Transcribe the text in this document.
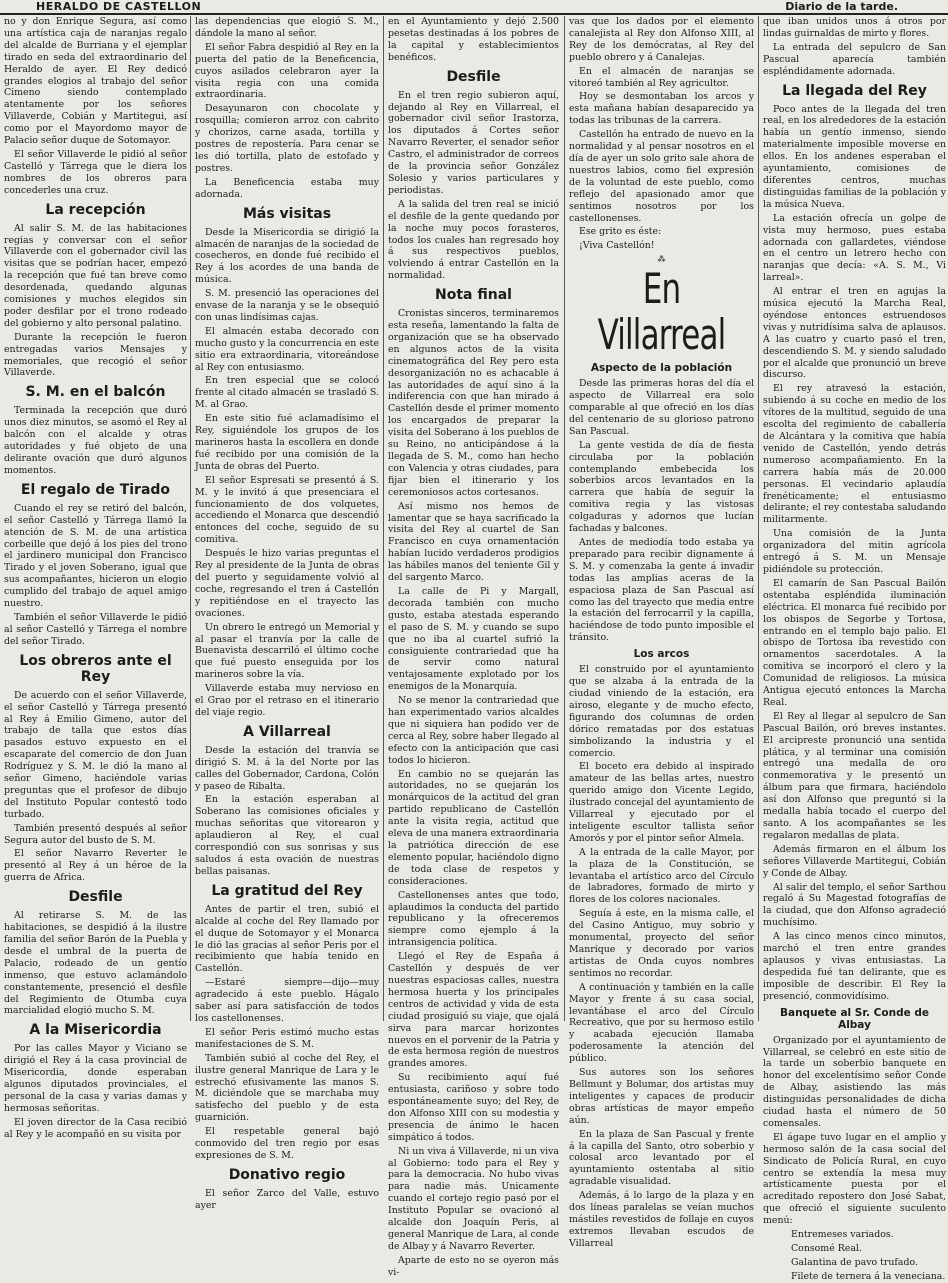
HERALDO DE CASTELLON	Diario de la tarde.

no y don Enrique Segura, así como una artística caja de naranjas regalo del alcalde de Burriana y el ejemplar tirado en seda del extraordinario del Heraldo de ayer. El Rey dedicó grandes elogios al trabajo del señor Cimeno siendo contemplado atentamente por los señores Villaverde, Cobián y Martitegui, así como por el Mayordomo mayor de Palacio señor duque de Sotomayor.

El señor Villaverde le pidió al señor Castelló y Tárrega que le diera los nombres de los obreros para concederles una cruz.

La recepción

Al salir S. M. de las habitaciones regias y conversar con el señor Villaverde con el gobernador civil las visitas que se podrían hacer, empezó la recepción que fué tan breve como desordenada, quedando algunas comisiones y muchos elegidos sin poder desfilar por el trono rodeado del gobierno y alto personal palatino.

Durante la recepción le fueron entregadas varios Mensajes y memoriales, que recogió el señor Villaverde.

S. M. en el balcón

Terminada la recepción que duró unos diez minutos, se asomó el Rey al balcón con el alcalde y otras autoridades y fué objeto de una delirante ovación que duró algunos momentos.

El regalo de Tirado

Cuando el rey se retiró del balcón, el señor Castelló y Tárrega llamó la atención de S. M. de una artística corbeille que dejó á los pies del trono el jardinero municipal don Francisco Tirado y el joven Soberano, igual que sus acompañantes, hicieron un elogio cumplido del trabajo de aquel amigo nuestro.

También el señor Villaverde le pidió al señor Castelló y Tárrega el nombre del señor Tirado.

Los obreros ante el Rey

De acuerdo con el señor Villaverde, el señor Castelló y Tárrega presentó al Rey á Emilio Gimeno, autor del trabajo de talla que estos días pasados estuvo expuesto en el escaparate del comercio de don Juan Rodríguez y S. M. le dió la mano al señor Gimeno, haciéndole varias preguntas que el profesor de dibujo del Instituto Popular contestó todo turbado.

También presentó después al señor Segura autor del busto de S. M.

El señor Navarro Reverter le presentó al Rey á un héroe de la guerra de Africa.

Desfile

Al retirarse S. M. de las habitaciones, se despidió á la ilustre familia del señor Barón de la Puebla y desde el umbral de la puerta de Palacio, rodeado de un gentío inmenso, que estuvo aclamándolo constantemente, presenció el desfile del Regimiento de Otumba cuya marcialidad elogió mucho S. M.

A la Misericordia

Por las calles Mayor y Viciano se dirigió el Rey á la casa provincial de Misericordia, donde esperaban algunos diputados provinciales, el personal de la casa y varias damas y hermosas señoritas.

El joven director de la Casa recibió al Rey y le acompañó en su visita por

las dependencias que elogió S. M., dándole la mano al señor.

El señor Fabra despidió al Rey en la puerta del patio de la Beneficencia, cuyos asilados celebraron ayer la visita regia con una comida extraordinaria.

Desayunaron con chocolate y rosquilla; comieron arroz con cabrito y chorizos, carne asada, tortilla y postres de repostería. Para cenar se les dió tortilla, plato de estofado y postres.

La Beneficencia estaba muy adornada.

Más visitas

Desde la Misericordia se dirigió la almacén de naranjas de la sociedad de cosecheros, en donde fué recibido el Rey á los acordes de una banda de música.

S. M. presenció las operaciones del envase de la naranja y se le obsequió con unas lindísimas cajas.

El almacén estaba decorado con mucho gusto y la concurrencia en este sitio era extraordinaria, vitoreándose al Rey con entusiasmo.

En tren especial que se colocó frente al citado almacén se trasladó S. M. al Grao.

En este sitio fué aclamadísimo el Rey, siguiéndole los grupos de los marineros hasta la escollera en donde fué recibido por una comisión de la Junta de obras del Puerto.

El señor Espresati se presentó á S. M. y le invitó á que presenciara el funcionamiento de dos volquetes, accediendo el Monarca que descendió entonces del coche, seguido de su comitiva.

Después le hizo varias preguntas el Rey al presidente de la Junta de obras del puerto y seguidamente volvió al coche, regresando el tren á Castellón y repitiéndose en el trayecto las ovaciones.

Un obrero le entregó un Memorial y al pasar el tranvía por la calle de Buenavista descarriló el último coche que fué puesto enseguida por los marineros sobre la vía.

Villaverde estaba muy nervioso en el Grao por el retraso en el itinerario del viaje regio.

A Villarreal

Desde la estación del tranvía se dirigió S. M. á la del Norte por las calles del Gobernador, Cardona, Colón y paseo de Ribalta.

En la estación esperaban al Soberano las comisiones oficiales y muchas señoritas que vitorearon y aplaudieron al Rey, el cual correspondió con sus sonrisas y sus saludos á esta ovación de nuestras bellas paisanas.

La gratitud del Rey

Antes de partir el tren, subió el alcalde al coche del Rey llamado por el duque de Sotomayor y el Monarca le dió las gracias al señor Peris por el recibimiento que había tenido en Castellón.

—Estaré siempre—dijo—muy agradecido á este pueblo. Hágalo saber así para satisfacción de todos los castellonenses.

El señor Peris estimó mucho estas manifestaciones de S. M.

También subió al coche del Rey, el ilustre general Manrique de Lara y le estrechó efusivamente las manos S. M. diciéndole que se marchaba muy satisfecho del pueblo y de esta guarnición.

El respetable general bajó conmovido del tren regio por esas expresiones de S. M.

Donativo regio

El señor Zarco del Valle, estuvo ayer

en el Ayuntamiento y dejó 2.500 pesetas destinadas á los pobres de la capital y establecimientos benéficos.

Desfile

En el tren regio subieron aquí, dejando al Rey en Villarreal, el gobernador civil señor Irastorza, los diputados á Cortes señor Navarro Reverter, el senador señor Castro, el administrador de correos de la provincia señor González Solesio y varios particulares y periodistas.

A la salida del tren real se inició el desfile de la gente quedando por la noche muy pocos forasteros, todos los cuales han regresado hoy á sus respectivos pueblos, volviendo á entrar Castellón en la normalidad.

Nota final

Cronistas sinceros, terminaremos esta reseña, lamentando la falta de organización que se ha observado en algunos actos de la visita cinematográfica del Rey pero esta desorganización no es achacable á las autoridades de aquí sino á la indiferencia con que han mirado á Castellón desde el primer momento los encargados de preparar la visita del Soberano á los pueblos de su Reino, no anticipándose á la llegada de S. M., como han hecho con Valencia y otras ciudades, para fijar bien el itinerario y los ceremoniosos actos cortesanos.

Así mismo nos hemos de lamentar que se haya sacrificado la visita del Rey al cuartel de San Francisco en cuya ornamentación habían lucido verdaderos prodigios las hábiles manos del teniente Gil y del sargento Marco.

La calle de Pi y Margall, decorada también con mucho gusto, estaba atestada esperando el paso de S. M. y cuando se supo que no iba al cuartel sufrió la consiguiente contrariedad que ha de servir como natural ventajosamente explotado por los enemigos de la Monarquía.

No se menor la contrariedad que han experimentado varios alcaldes que ni siquiera han podido ver de cerca al Rey, sobre haber llegado al efecto con la anticipación que casi todos lo hicieron.

En cambio no se quejarán las autoridades, no se quejarán los monárquicos de la actitud del gran partido republicano de Castellón ante la visita regia, actitud que eleva de una manera extraordinaria la patriótica dirección de ese elemento popular, haciéndolo digno de toda clase de respetos y consideraciones.

Castellonenses antes que todo, aplaudimos la conducta del partido republicano y la ofreceremos siempre como ejemplo á la intransigencia política.

Llegó el Rey de España á Castellón y después de ver nuestras espaciosas calles, nuestra hermosa huerta y los principales centros de actividad y vida de esta ciudad prosiguió su viaje, que ojalá sirva para marcar horizontes nuevos en el porvenir de la Patria y de esta hermosa región de nuestros grandes amores.

Su recibimiento aquí fué entusiasta, cariñoso y sobre todo espontáneamente suyo; del Rey, de don Alfonso XIII con su modestia y presencia de ánimo le hacen simpático á todos.

Ni un viva á Villaverde, ni un viva al Gobierno: todo para el Rey y para la democracia. No hubo vivas para nadie más. Unicamente cuando el cortejo regio pasó por el Instituto Popular se ovacionó al alcalde don Joaquín Peris, al general Manrique de Lara, al conde de Albay y á Navarro Reverter.

Aparte de esto no se oyeron más vi-

vas que los dados por el elemento canalejista al Rey don Alfonso XIII, al Rey de los demócratas, al Rey del pueblo obrero y á Canalejas.

En el almacén de naranjas se vitoreó también al Rey agricultor.

Hoy se desmontaban los arcos y esta mañana habían desaparecido ya todas las tribunas de la carrera.

Castellón ha entrado de nuevo en la normalidad y al pensar nosotros en el día de ayer un solo grito sale ahora de nuestros labios, como fiel expresión de la voluntad de este pueblo, como reflejo del apasionado amor que sentimos nosotros por los castellonenses.

Ese grito es éste:

¡Viva Castellón!

⁂
En Villarreal
Aspecto de la población

Desde las primeras horas del día el aspecto de Villarreal era solo comparable al que ofreció en los días del centenario de su glorioso patrono San Pascual.

La gente vestida de día de fiesta circulaba por la población contemplando embebecida los soberbios arcos levantados en la carrera que había de seguir la comitiva regia y las vistosas colgaduras y adornos que lucían fachadas y balcones.

Antes de mediodía todo estaba ya preparado para recibir dignamente á S. M. y comenzaba la gente á invadir todas las amplias aceras de la espaciosa plaza de San Pascual así como las del trayecto que media entre la estación del ferrocarril y la capilla, haciéndose de todo punto imposible el tránsito.

Los arcos

El construido por el ayuntamiento que se alzaba á la entrada de la ciudad viniendo de la estación, era airoso, elegante y de mucho efecto, figurando dos columnas de orden dórico rematadas por dos estatuas simbolizando la industria y el comercio.

El boceto era debido al inspirado amateur de las bellas artes, nuestro querido amigo don Vicente Legido, ilustrado concejal del ayuntamiento de Villarreal y ejecutado por el inteligente escultor tallista señor Amorós y por el pintor señor Almela.

A la entrada de la calle Mayor, por la plaza de la Constitución, se levantaba el artístico arco del Círculo de labradores, formado de mirto y flores de los colores nacionales.

Seguía á este, en la misma calle, el del Casino Antiguo, muy sobrio y monumental, proyecto del señor Manrique y decorado por varios artistas de Onda cuyos nombres sentimos no recordar.

A continuación y también en la calle Mayor y frente á su casa social, levantábase el arco del Círculo Recreativo, que por su hermoso estilo y acabada ejecución llamaba poderosamente la atención del público.

Sus autores son los señores Bellmunt y Bolumar, dos artistas muy inteligentes y capaces de producir obras artísticas de mayor empeño aún.

En la plaza de San Pascual y frente á la capilla del Santo, otro soberbio y colosal arco levantado por el ayuntamiento ostentaba al sitio agradable visualidad.

Además, á lo largo de la plaza y en dos líneas paralelas se veían muchos mástiles revestidos de follaje en cuyos extremos llevaban escudos de Villarreal

que iban unidos unos á otros por lindas guirnaldas de mirto y flores.

La entrada del sepulcro de San Pascual aparecía también espléndidamente adornada.

La llegada del Rey

Poco antes de la llegada del tren real, en los alrededores de la estación había un gentío inmenso, siendo materialmente imposible moverse en ellos. En los andenes esperaban el ayuntamiento, comisiones de diferentes centros, muchas distinguidas familias de la población y la música Nueva.

La estación ofrecía un golpe de vista muy hermoso, pues estaba adornada con gallardetes, viéndose en el centro un letrero hecho con naranjas que decía: «A. S. M., Vi larreal».

Al entrar el tren en agujas la música ejecutó la Marcha Real, oyéndose entonces estruendosos vivas y nutridísima salva de aplausos. A las cuatro y cuarto pasó el tren, descendiendo S. M. y siendo saludado por el alcalde que pronunció un breve discurso.

El rey atravesó la estación, subiendo á su coche en medio de los vítores de la multitud, seguido de una escolta del regimiento de caballería de Alcántara y la comitiva que había venido de Castellón, yendo detrás numeroso acompañamiento. En la carrera había más de 20.000 personas. El vecindario aplaudía frenéticamente; el entusiasmo delirante; el rey contestaba saludando militarmente.

Una comisión de la Junta organizadora del mitin agrícola entregó á S. M. un Mensaje pidiéndole su protección.

El camarín de San Pascual Bailón ostentaba espléndida iluminación eléctrica. El monarca fué recibido por los obispos de Segorbe y Tortosa, entrando en el templo bajo palio. El obispo de Tortosa iba revestido con ornamentos sacerdotales. A la comitiva se incorporó el clero y la Comunidad de religiosos. La música Antigua ejecutó entonces la Marcha Real.

El Rey al llegar al sepulcro de San Pascual Bailón, oró breves instantes. El arcipreste pronunció una sentida plática, y al terminar una comisión entregó una medalla de oro conmemorativa y le presentó un álbum para que firmara, haciéndolo así don Alfonso que preguntó si la medalla había tocado el cuerpo del santo. A los acompañantes se les regalaron medallas de plata.

Además firmaron en el álbum los señores Villaverde Martitegui, Cobián y Conde de Albay.

Al salir del templo, el señor Sarthou regaló á Su Magestad fotografías de la ciudad, que don Alfonso agradeció muchísimo.

A las cinco menos cinco minutos, marchó el tren entre grandes aplausos y vivas entusiastas. La despedida fué tan delirante, que es imposible de describir. El Rey la presenció, conmovidísimo.

Banquete al Sr. Conde de Albay

Organizado por el ayuntamiento de Villarreal, se celebró en este sitio de la tarde un soberbio banquete en honor del excelentísimo señor Conde de Albay, asistiendo las más distinguidas personalidades de dicha ciudad hasta el número de 50 comensales.

El ágape tuvo lugar en el amplio y hermoso salón de la casa social del Sindicato de Policía Rural, en cuyo centro se extendía la mesa muy artísticamente puesta por el acreditado repostero don José Sabat, que ofreció el siguiente suculento menú:

Entremeses variados.

Consomé Real.

Galantina de pavo trufado.

Filete de ternera á la veneciana.
